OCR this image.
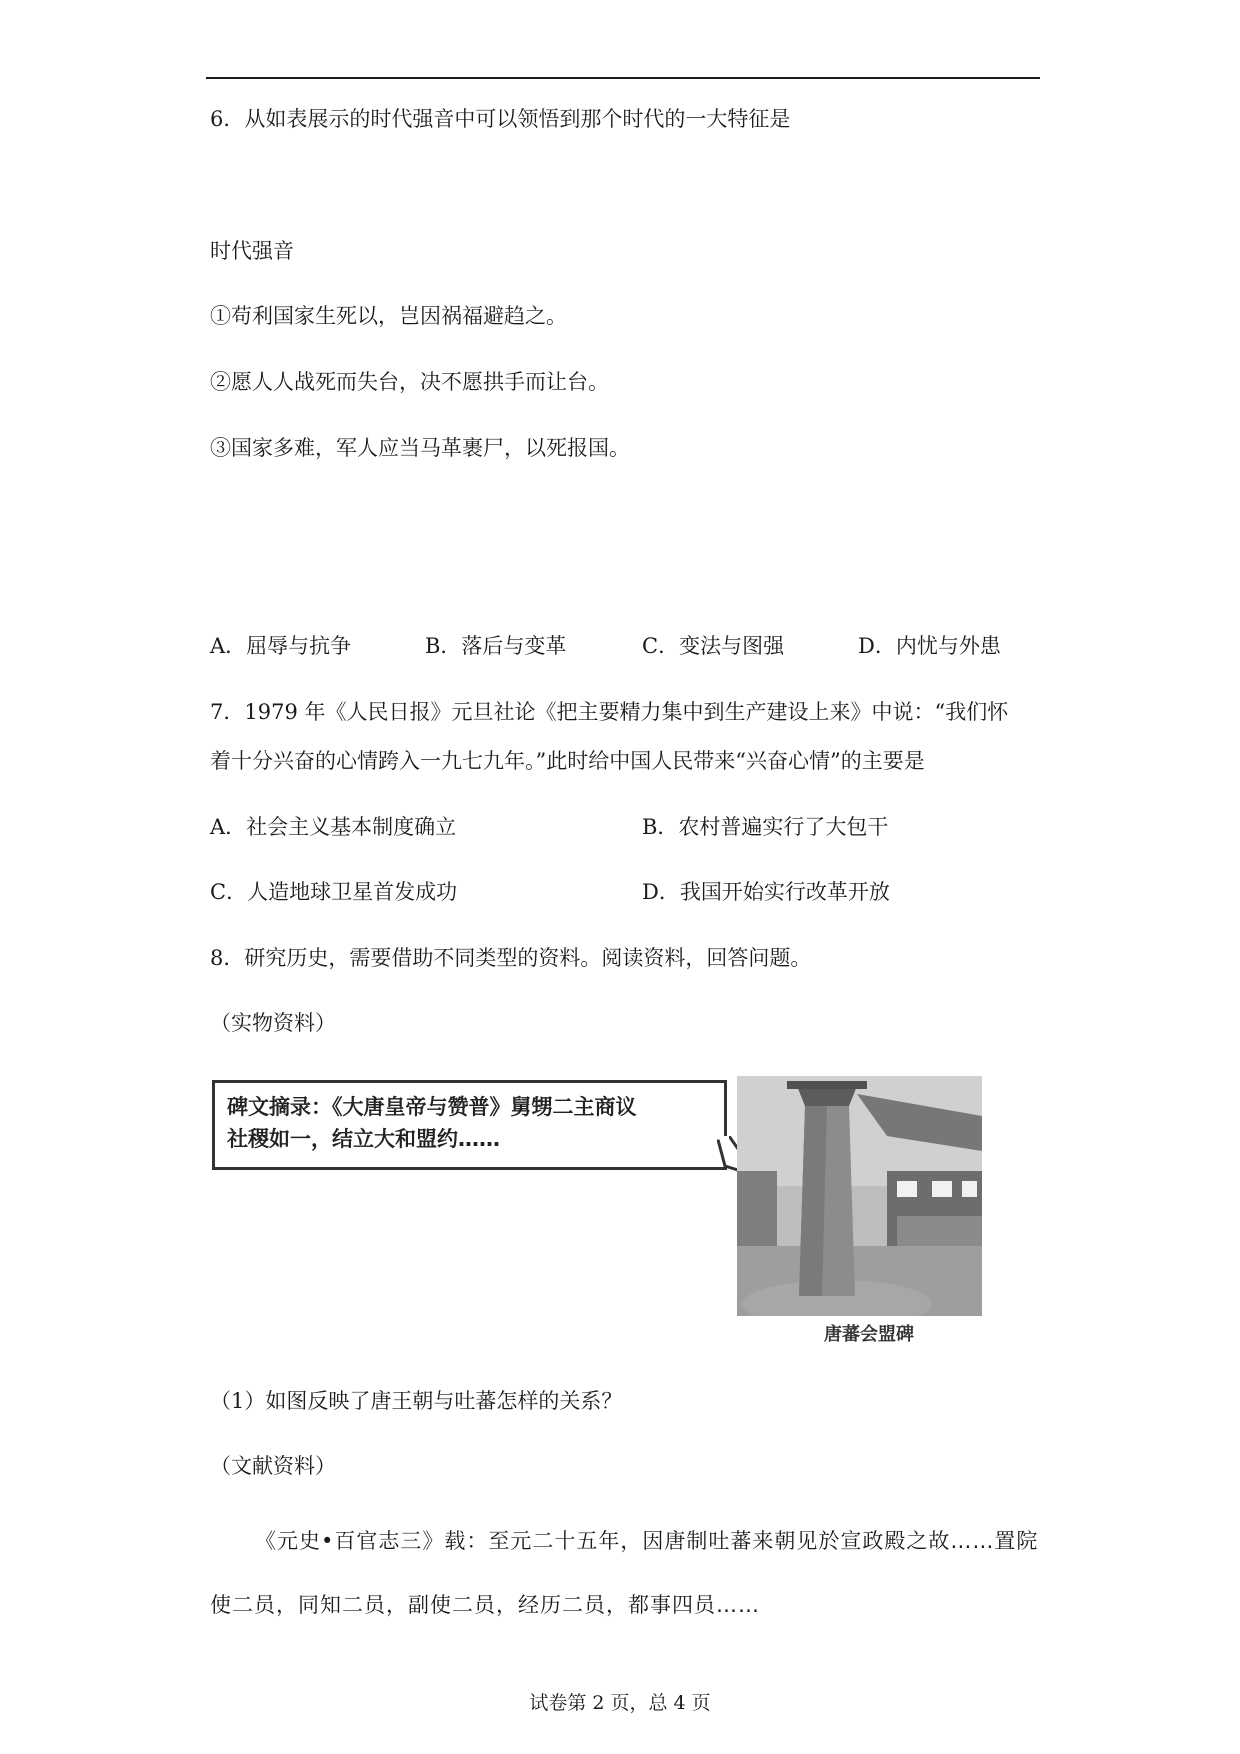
6．从如表展示的时代强音中可以领悟到那个时代的一大特征是
时代强音
①苟利国家生死以，岂因祸福避趋之。
②愿人人战死而失台，决不愿拱手而让台。
③国家多难，军人应当马革裹尸，以死报国。
A．屈辱与抗争	B．落后与变革	C．变法与图强	D．内忧与外患
7．1979 年《人民日报》元旦社论《把主要精力集中到生产建设上来》中说：“我们怀
着十分兴奋的心情跨入一九七九年。”此时给中国人民带来“兴奋心情”的主要是
A．社会主义基本制度确立	B．农村普遍实行了大包干
C．人造地球卫星首发成功	D．我国开始实行改革开放
8．研究历史，需要借助不同类型的资料。阅读资料，回答问题。
（实物资料）
碑文摘录：《大唐皇帝与赞普》舅甥二主商议
社稷如一，结立大和盟约……
唐蕃会盟碑
（1）如图反映了唐王朝与吐蕃怎样的关系？
（文献资料）
《元史•百官志三》载：至元二十五年，因唐制吐蕃来朝见於宣政殿之故……置院
使二员，同知二员，副使二员，经历二员，都事四员……
试卷第 2 页，总 4 页
